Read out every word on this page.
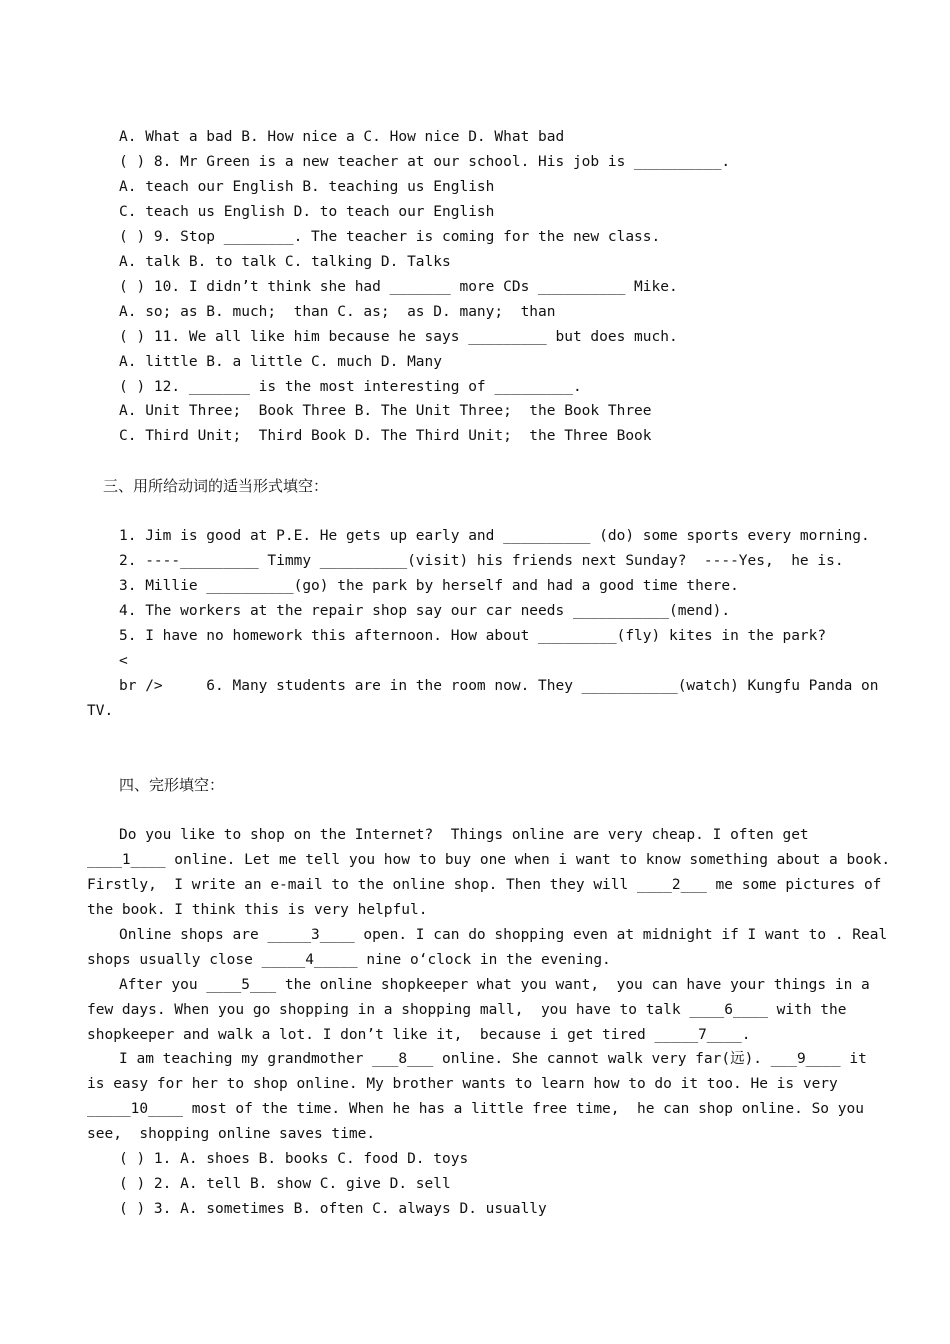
A. What a bad B. How nice a C. How nice D. What bad
( ) 8. Mr Green is a new teacher at our school. His job is __________.
A. teach our English B. teaching us English
C. teach us English D. to teach our English
( ) 9. Stop ________. The teacher is coming for the new class.
A. talk B. to talk C. talking D. Talks
( ) 10. I didn’t think she had _______ more CDs __________ Mike.
A. so; as B. much;  than C. as;  as D. many;  than
( ) 11. We all like him because he says _________ but does much.
A. little B. a little C. much D. Many
( ) 12. _______ is the most interesting of _________.
A. Unit Three;  Book Three B. The Unit Three;  the Book Three
C. Third Unit;  Third Book D. The Third Unit;  the Three Book
三、用所给动词的适当形式填空：
1. Jim is good at P.E. He gets up early and __________ (do) some sports every morning.
2. ----_________ Timmy __________(visit) his friends next Sunday?  ----Yes,  he is.
3. Millie __________(go) the park by herself and had a good time there.
4. The workers at the repair shop say our car needs ___________(mend).
5. I have no homework this afternoon. How about _________(fly) kites in the park?
<
br />     6. Many students are in the room now. They ___________(watch) Kungfu Panda on
TV.
四、完形填空：
Do you like to shop on the Internet?  Things online are very cheap. I often get
____1____ online. Let me tell you how to buy one when i want to know something about a book.
Firstly,  I write an e-mail to the online shop. Then they will ____2___ me some pictures of
the book. I think this is very helpful.
Online shops are _____3____ open. I can do shopping even at midnight if I want to . Real
shops usually close _____4_____ nine o‘clock in the evening.
After you ____5___ the online shopkeeper what you want,  you can have your things in a
few days. When you go shopping in a shopping mall,  you have to talk ____6____ with the
shopkeeper and walk a lot. I don’t like it,  because i get tired _____7____.
I am teaching my grandmother ___8___ online. She cannot walk very far(远). ___9____ it
is easy for her to shop online. My brother wants to learn how to do it too. He is very
_____10____ most of the time. When he has a little free time,  he can shop online. So you
see,  shopping online saves time.
( ) 1. A. shoes B. books C. food D. toys
( ) 2. A. tell B. show C. give D. sell
( ) 3. A. sometimes B. often C. always D. usually
